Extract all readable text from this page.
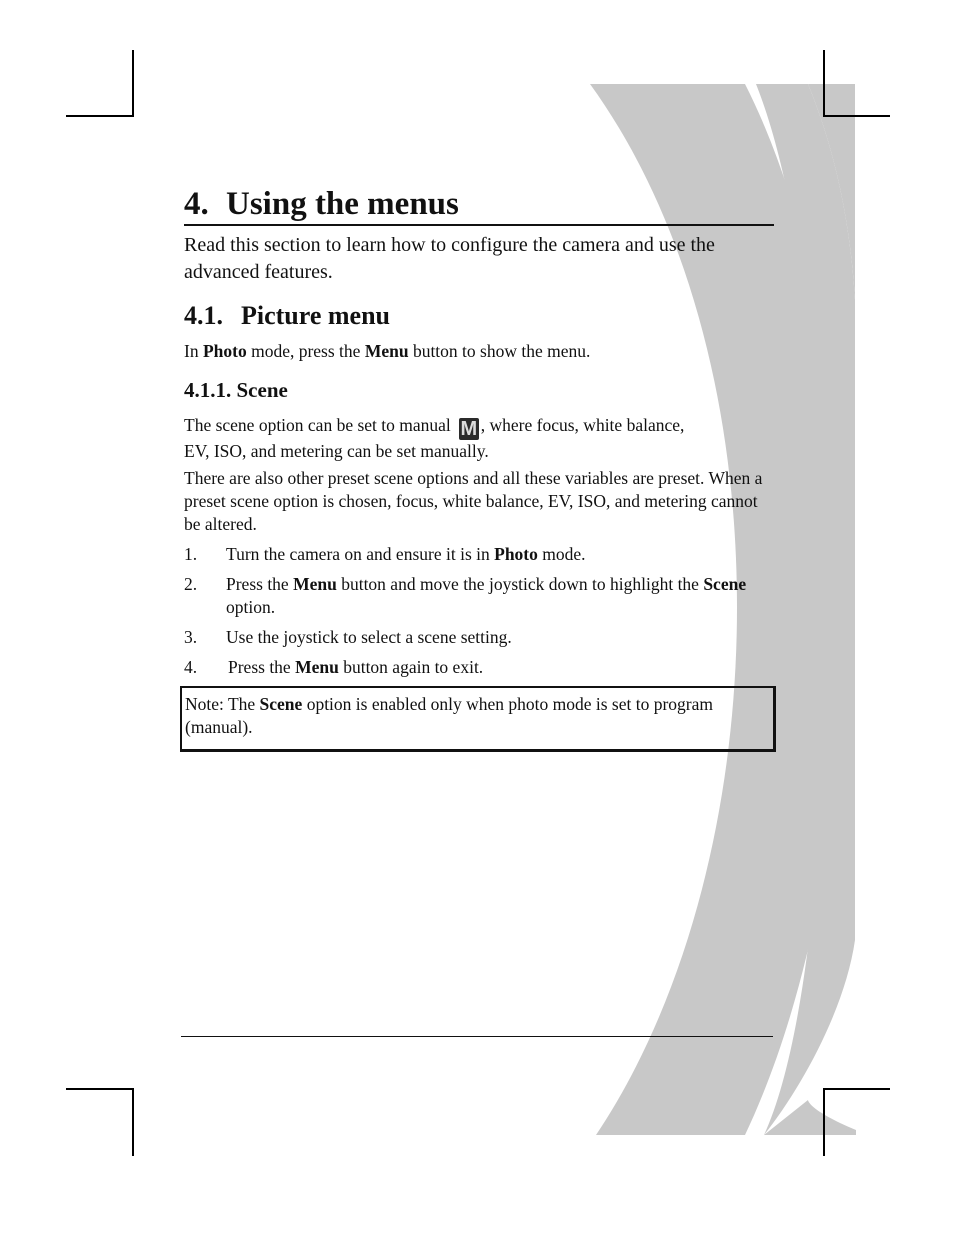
4. Using the menus
Read this section to learn how to configure the camera and use the advanced features.
4.1. Picture menu
In Photo mode, press the Menu button to show the menu.
4.1.1. Scene
The scene option can be set to manual M , where focus, white balance,
EV, ISO, and metering can be set manually.
There are also other preset scene options and all these variables are preset. When a preset scene option is chosen, focus, white balance, EV, ISO, and metering cannot be altered.
1. Turn the camera on and ensure it is in Photo mode.
2. Press the Menu button and move the joystick down to highlight the Scene option.
3. Use the joystick to select a scene setting.
4. Press the Menu button again to exit.
Note: The Scene option is enabled only when photo mode is set to program (manual).
